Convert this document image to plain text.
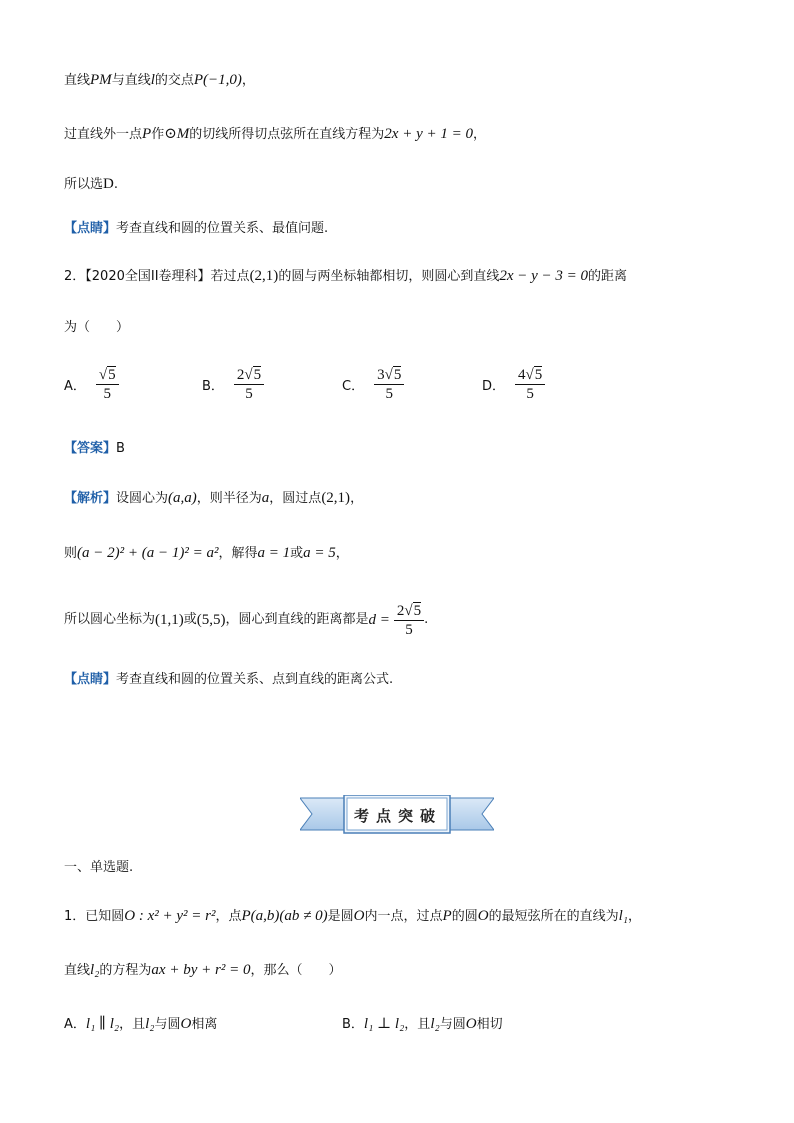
直线PM与直线l的交点P(−1,0)，
过直线外一点P作⊙M的切线所得切点弦所在直线方程为2x + y + 1 = 0，
所以选D.
【点睛】考查直线和圆的位置关系、最值问题.
2．【2020全国II卷理科】若过点(2,1)的圆与两坐标轴都相切，则圆心到直线2x − y − 3 = 0的距离
为（　　）
A． $\frac{√5}{5}$	B． $\frac{2√5}{5}$	C． $\frac{3√5}{5}$	D． $\frac{4√5}{5}$
【答案】B
【解析】设圆心为(a,a)，则半径为a，圆过点(2,1)，
则(a − 2)² + (a − 1)² = a²，解得a = 1或a = 5，
所以圆心坐标为 (1,1) 或 (5,5) ，圆心到直线的距离都是 $d = \frac{2√5}{5}$ .
【点睛】考查直线和圆的位置关系、点到直线的距离公式.
考 点 突 破
一、单选题.
1．已知圆O : x² + y² = r²，点P(a,b)(ab ≠ 0)是圆O内一点，过点P的圆O的最短弦所在的直线为l₁，
直线l₂的方程为ax + by + r² = 0，那么（　　）
A．l₁ ∥ l₂，且l₂与圆O相离	B．l₁ ⊥ l₂，且l₂与圆O相切
